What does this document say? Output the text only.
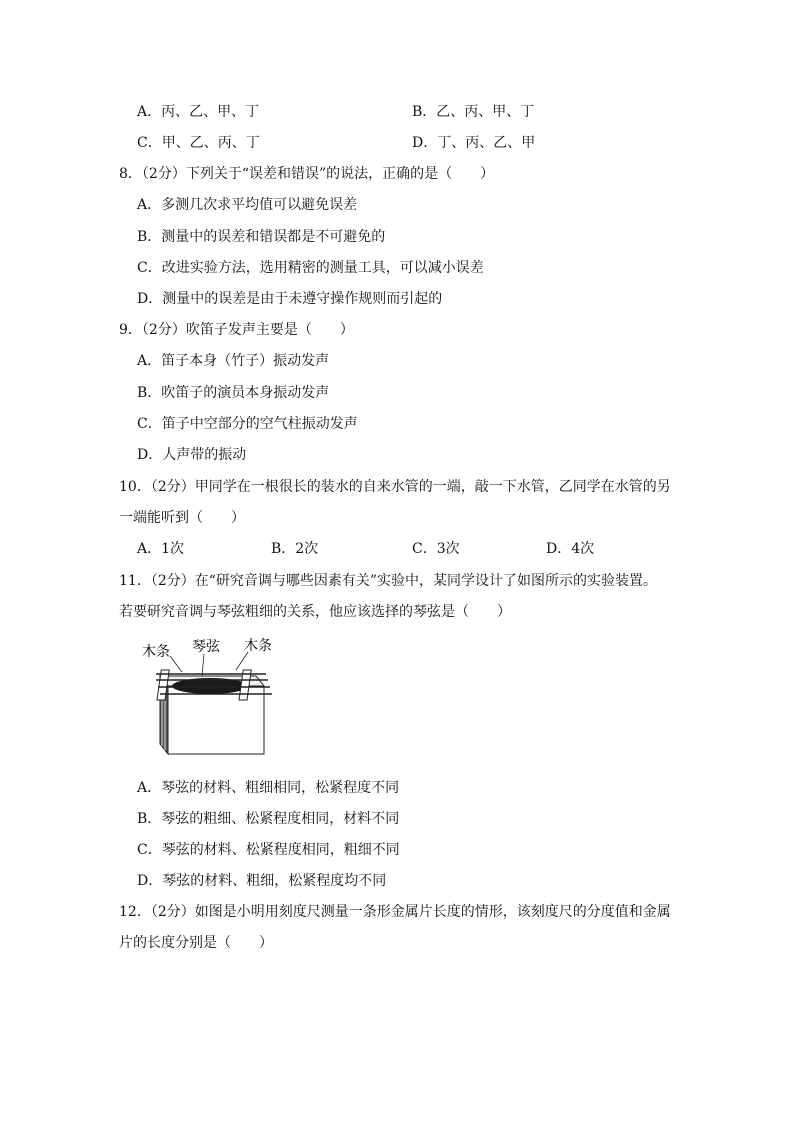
A．丙、乙、甲、丁	B．乙、丙、甲、丁
C．甲、乙、丙、丁	D．丁、丙、乙、甲
8．（2分）下列关于“误差和错误”的说法，正确的是（　　）
A．多测几次求平均值可以避免误差
B．测量中的误差和错误都是不可避免的
C．改进实验方法，选用精密的测量工具，可以减小误差
D．测量中的误差是由于未遵守操作规则而引起的
9．（2分）吹笛子发声主要是（　　）
A．笛子本身（竹子）振动发声
B．吹笛子的演员本身振动发声
C．笛子中空部分的空气柱振动发声
D．人声带的振动
10．（2分）甲同学在一根很长的装水的自来水管的一端，敲一下水管，乙同学在水管的另
一端能听到（　　）
A．1次	B．2次	C．3次	D．4次
11．（2分）在“研究音调与哪些因素有关”实验中，某同学设计了如图所示的实验装置。
若要研究音调与琴弦粗细的关系，他应该选择的琴弦是（　　）
木条 琴弦 木条
A．琴弦的材料、粗细相同，松紧程度不同
B．琴弦的粗细、松紧程度相同，材料不同
C．琴弦的材料、松紧程度相同，粗细不同
D．琴弦的材料、粗细，松紧程度均不同
12．（2分）如图是小明用刻度尺测量一条形金属片长度的情形，该刻度尺的分度值和金属
片的长度分别是（　　）
